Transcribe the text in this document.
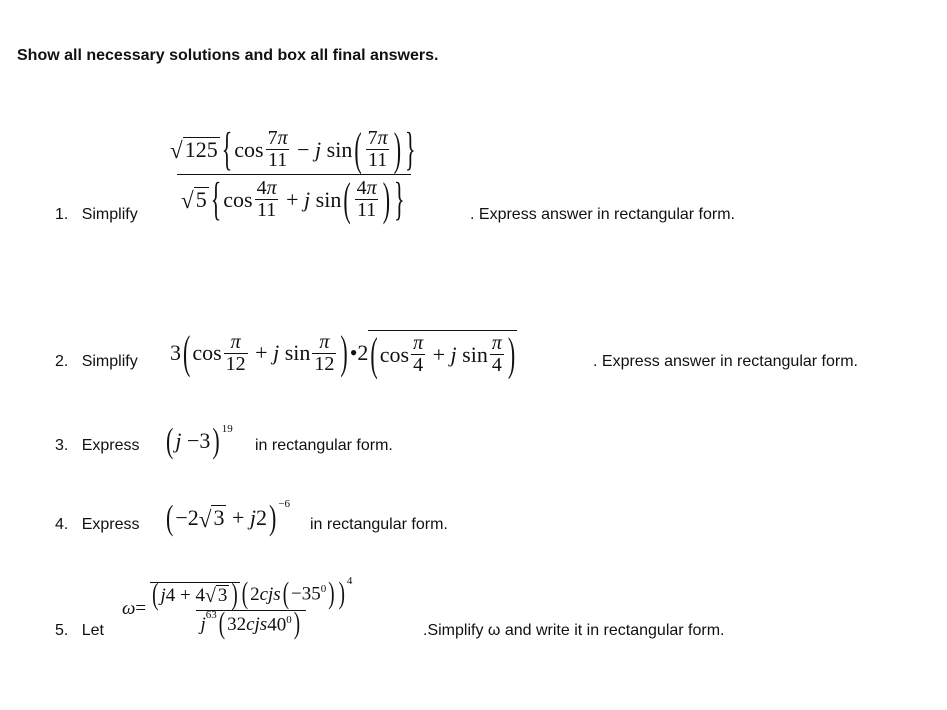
Show all necessary solutions and box all final answers.
1. Simplify
√ 125 { $\cos \frac{7\pi}{11} - j$ sin ( $\frac{7\pi}{11}$ ) }
√ 5 { $\cos \frac{4\pi}{11} + j$ sin ( $\frac{4\pi}{11}$ ) }	. Express answer in rectangular form.
2. Simplify 3 ( $\cos \frac{\pi}{12} + j$ $\sin \frac{\pi}{12}$ ) •2 ( $\cos \frac{\pi}{4} + j$ $\sin \frac{\pi}{4}$ )	. Express answer in rectangular form.
3. Express ( j −3 )$^{19}$
in rectangular form.
4. Express ( −2 √ 3 + j 2 )$^{-6}$
in rectangular form.
5. Let
ω = ( j 4 + 4 √ 3 ) ( 2 cjs ( $-35^0$ ) )$^4$
$j^{63}$ ( 32 cjs $40^0$ )	.Simplify ω and write it in rectangular form.
